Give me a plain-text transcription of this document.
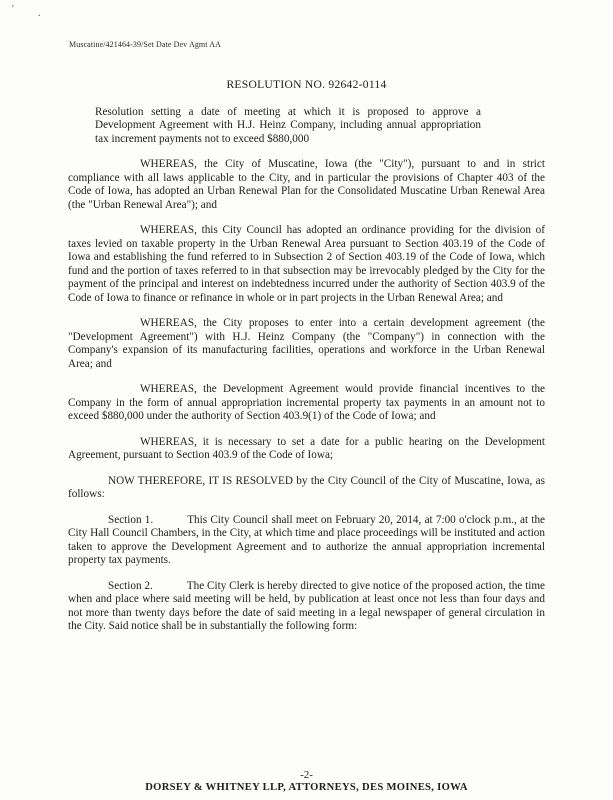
' .
Muscatine/421464-39/Set Date Dev Agmt AA
RESOLUTION NO. 92642-0114

Resolution setting a date of meeting at which it is proposed to approve a Development Agreement with H.J. Heinz Company, including annual appropriation tax increment payments not to exceed $880,000

WHEREAS, the City of Muscatine, Iowa (the "City"), pursuant to and in strict compliance with all laws applicable to the City, and in particular the provisions of Chapter 403 of the Code of Iowa, has adopted an Urban Renewal Plan for the Consolidated Muscatine Urban Renewal Area (the "Urban Renewal Area"); and

WHEREAS, this City Council has adopted an ordinance providing for the division of taxes levied on taxable property in the Urban Renewal Area pursuant to Section 403.19 of the Code of Iowa and establishing the fund referred to in Subsection 2 of Section 403.19 of the Code of Iowa, which fund and the portion of taxes referred to in that subsection may be irrevocably pledged by the City for the payment of the principal and interest on indebtedness incurred under the authority of Section 403.9 of the Code of Iowa to finance or refinance in whole or in part projects in the Urban Renewal Area; and

WHEREAS, the City proposes to enter into a certain development agreement (the "Development Agreement") with H.J. Heinz Company (the "Company") in connection with the Company's expansion of its manufacturing facilities, operations and workforce in the Urban Renewal Area; and

WHEREAS, the Development Agreement would provide financial incentives to the Company in the form of annual appropriation incremental property tax payments in an amount not to exceed $880,000 under the authority of Section 403.9(1) of the Code of Iowa; and

WHEREAS, it is necessary to set a date for a public hearing on the Development Agreement, pursuant to Section 403.9 of the Code of Iowa;

NOW THEREFORE, IT IS RESOLVED by the City Council of the City of Muscatine, Iowa, as follows:

Section 1.	This City Council shall meet on February 20, 2014, at 7:00 o'clock p.m., at the City Hall Council Chambers, in the City, at which time and place proceedings will be instituted and action taken to approve the Development Agreement and to authorize the annual appropriation incremental property tax payments.

Section 2.	The City Clerk is hereby directed to give notice of the proposed action, the time when and place where said meeting will be held, by publication at least once not less than four days and not more than twenty days before the date of said meeting in a legal newspaper of general circulation in the City. Said notice shall be in substantially the following form:

-2-
DORSEY & WHITNEY LLP, ATTORNEYS, DES MOINES, IOWA
